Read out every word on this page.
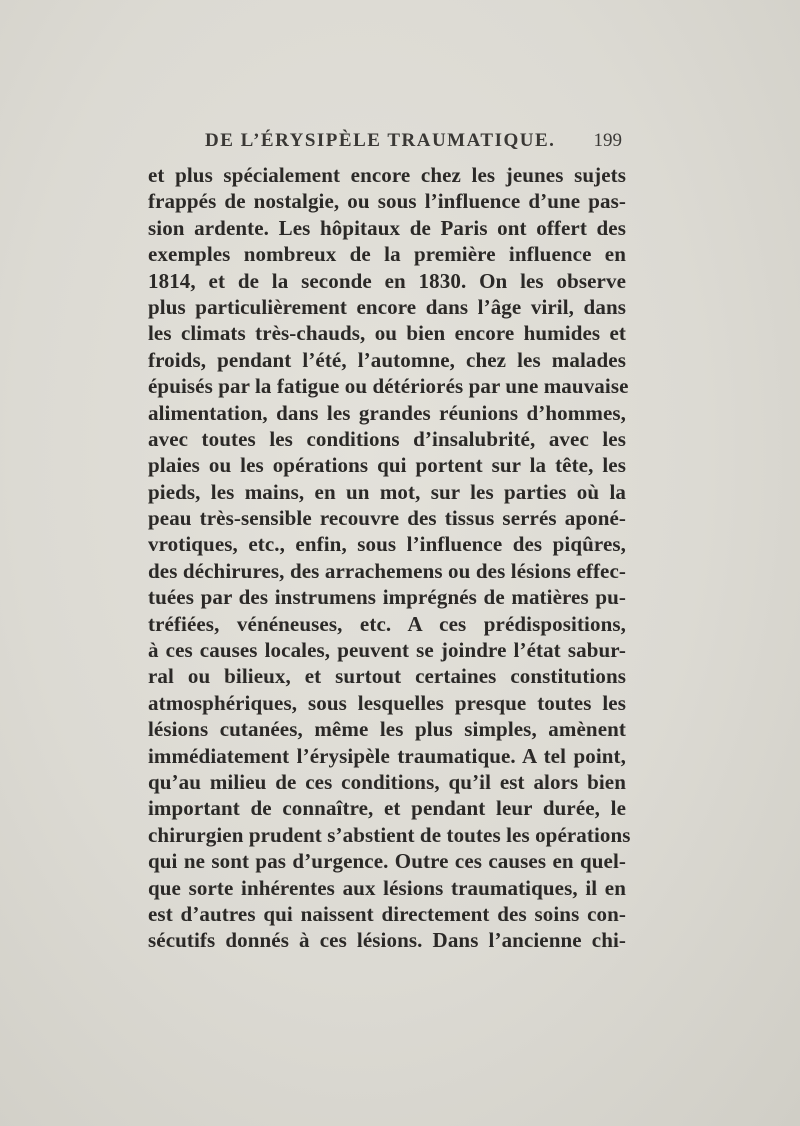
DE L’ÉRYSIPÈLE TRAUMATIQUE. 199
et plus spécialement encore chez les jeunes sujets
frappés de nostalgie, ou sous l’influence d’une pas-
sion ardente. Les hôpitaux de Paris ont offert des
exemples nombreux de la première influence en
1814, et de la seconde en 1830. On les observe
plus particulièrement encore dans l’âge viril, dans
les climats très-chauds, ou bien encore humides et
froids, pendant l’été, l’automne, chez les malades
épuisés par la fatigue ou détériorés par une mauvaise
alimentation, dans les grandes réunions d’hommes,
avec toutes les conditions d’insalubrité, avec les
plaies ou les opérations qui portent sur la tête, les
pieds, les mains, en un mot, sur les parties où la
peau très-sensible recouvre des tissus serrés aponé-
vrotiques, etc., enfin, sous l’influence des piqûres,
des déchirures, des arrachemens ou des lésions effec-
tuées par des instrumens imprégnés de matières pu-
tréfiées, vénéneuses, etc. A ces prédispositions,
à ces causes locales, peuvent se joindre l’état sabur-
ral ou bilieux, et surtout certaines constitutions
atmosphériques, sous lesquelles presque toutes les
lésions cutanées, même les plus simples, amènent
immédiatement l’érysipèle traumatique. A tel point,
qu’au milieu de ces conditions, qu’il est alors bien
important de connaître, et pendant leur durée, le
chirurgien prudent s’abstient de toutes les opérations
qui ne sont pas d’urgence. Outre ces causes en quel-
que sorte inhérentes aux lésions traumatiques, il en
est d’autres qui naissent directement des soins con-
sécutifs donnés à ces lésions. Dans l’ancienne chi-
